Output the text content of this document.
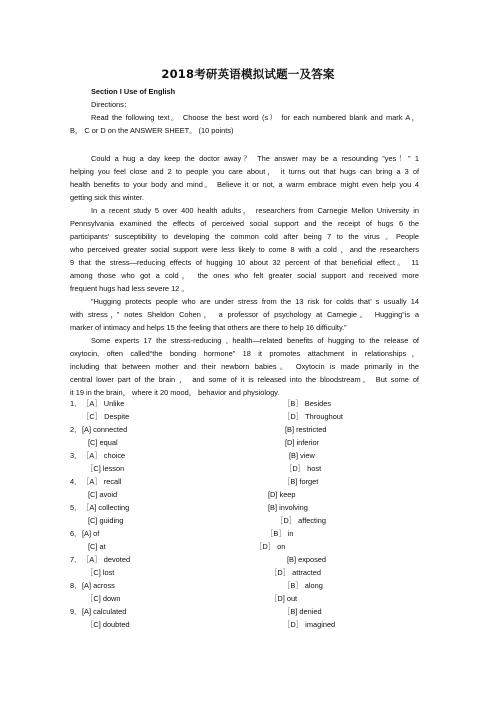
2018考研英语模拟试题一及答案
Section I Use of English
Directions：
Read the following text。 Choose the best word (s） for each numbered blank and mark A，
B， C or D on the ANSWER SHEET。 (10 points)
Could a hug a day keep the doctor away？ The answer may be a resounding ”yes！” 1
helping you feel close and 2 to people you care about， it turns out that hugs can bring a 3 of
health benefits to your body and mind。 Believe it or not, a warm embrace might even help you 4
getting sick this winter.
In a recent study 5 over 400 health adults， researchers from Carnegie Mellon University in
Pennsylvania examined the effects of perceived social support and the receipt of hugs 6 the
participants’ susceptibility to developing the common cold after being 7 to the virus 。People
who perceived greater social support were less likely to come 8 with a cold ，and the researchers
9 that the stress—reducing effects of hugging 10 about 32 percent of that beneficial effect。 11
among those who got a cold， the ones who felt greater social support and received more
frequent hugs had less severe 12 。
”Hugging protects people who are under stress from the 13 risk for colds that’ s usually 14
with stress，” notes Sheldon Cohen， a professor of psychology at Carnegie。 Hugging“is a
marker of intimacy and helps 15 the feeling that others are there to help 16 difficulty.”
Some experts 17 the stress-reducing , health—related benefits of hugging to the release of
oxytocin, often called“the bonding hormone” 18 it promotes attachment in relationships，
including that between mother and their newborn babies。 Oxytocin is made primarily in the
central lower part of the brain ， and some of it is released into the bloodstream。 But some of
it 19 in the brain， where it 20 mood， behavior and physiology.
1． ［A］ Unlike	［B］ Besides
［C］ Despite	［D］ Throughout
2． [A] connected	[B] restricted
[C] equal	[D] inferior
3． ［A］ choice	[B] view
［C] lesson	［D］ host
4． ［A］ recall	［B] forget
[C] avoid	[D] keep
5． ［A] collecting	[B] involving
[C] guiding	［D］ affecting
6． [A] of	［B］ in
[C] at	［D］ on
7． ［A］ devoted	[B] exposed
［C] lost	［D］ attracted
8． [A] across	［B］ along
［C] down	［D] out
9． [A] calculated	［B] denied
［C] doubted	［D］ imagined
